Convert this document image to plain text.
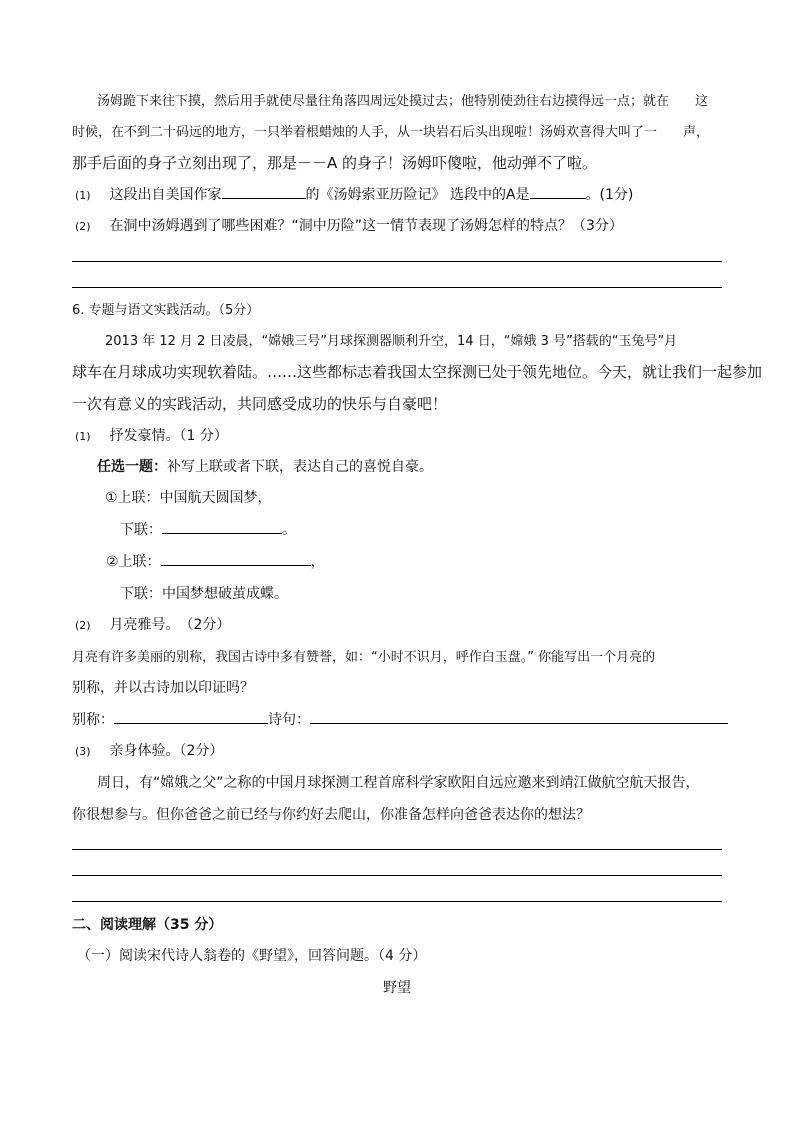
汤姆跪下来往下摸，然后用手就使尽量往角落四周远处摸过去；他特别使劲往右边摸得远一点；就在　　这
时候，在不到二十码远的地方，一只举着根蜡烛的人手，从一块岩石后头出现啦！汤姆欢喜得大叫了一　　声，
那手后面的身子立刻出现了，那是－－A 的身子！汤姆吓傻啦，他动弹不了啦。
(1) 这段出自美国作家	的《汤姆索亚历险记》 选段中的A是	。(1分)
(2) 在洞中汤姆遇到了哪些困难？“洞中历险”这一情节表现了汤姆怎样的特点？（3分）
6. 专题与语文实践活动。（5分）
2013 年 12 月 2 日凌晨，“嫦娥三号”月球探测器顺利升空，14 日，“嫦娥 3 号”搭载的“玉兔号”月
球车在月球成功实现软着陆。……这些都标志着我国太空探测已处于领先地位。今天，就让我们一起参加
一次有意义的实践活动，共同感受成功的快乐与自豪吧！
(1) 抒发豪情。（1 分）
任选一题：补写上联或者下联，表达自己的喜悦自豪。
①上联：中国航天圆国梦，
下联：	。
②上联：	，
下联：中国梦想破茧成蝶。
(2) 月亮雅号。　（2分）
月亮有许多美丽的别称，我国古诗中多有赞誉，如：“小时不识月，呼作白玉盘。” 你能写出一个月亮的
别称，并以古诗加以印证吗？
别称：	诗句：
(3) 亲身体验。（2分）
周日，有“嫦娥之父”之称的中国月球探测工程首席科学家欧阳自远应邀来到靖江做航空航天报告，
你很想参与。但你爸爸之前已经与你约好去爬山，你准备怎样向爸爸表达你的想法？
二、阅读理解（35 分）
（一）阅读宋代诗人翁卷的《野望》，回答问题。（4 分）
野望
